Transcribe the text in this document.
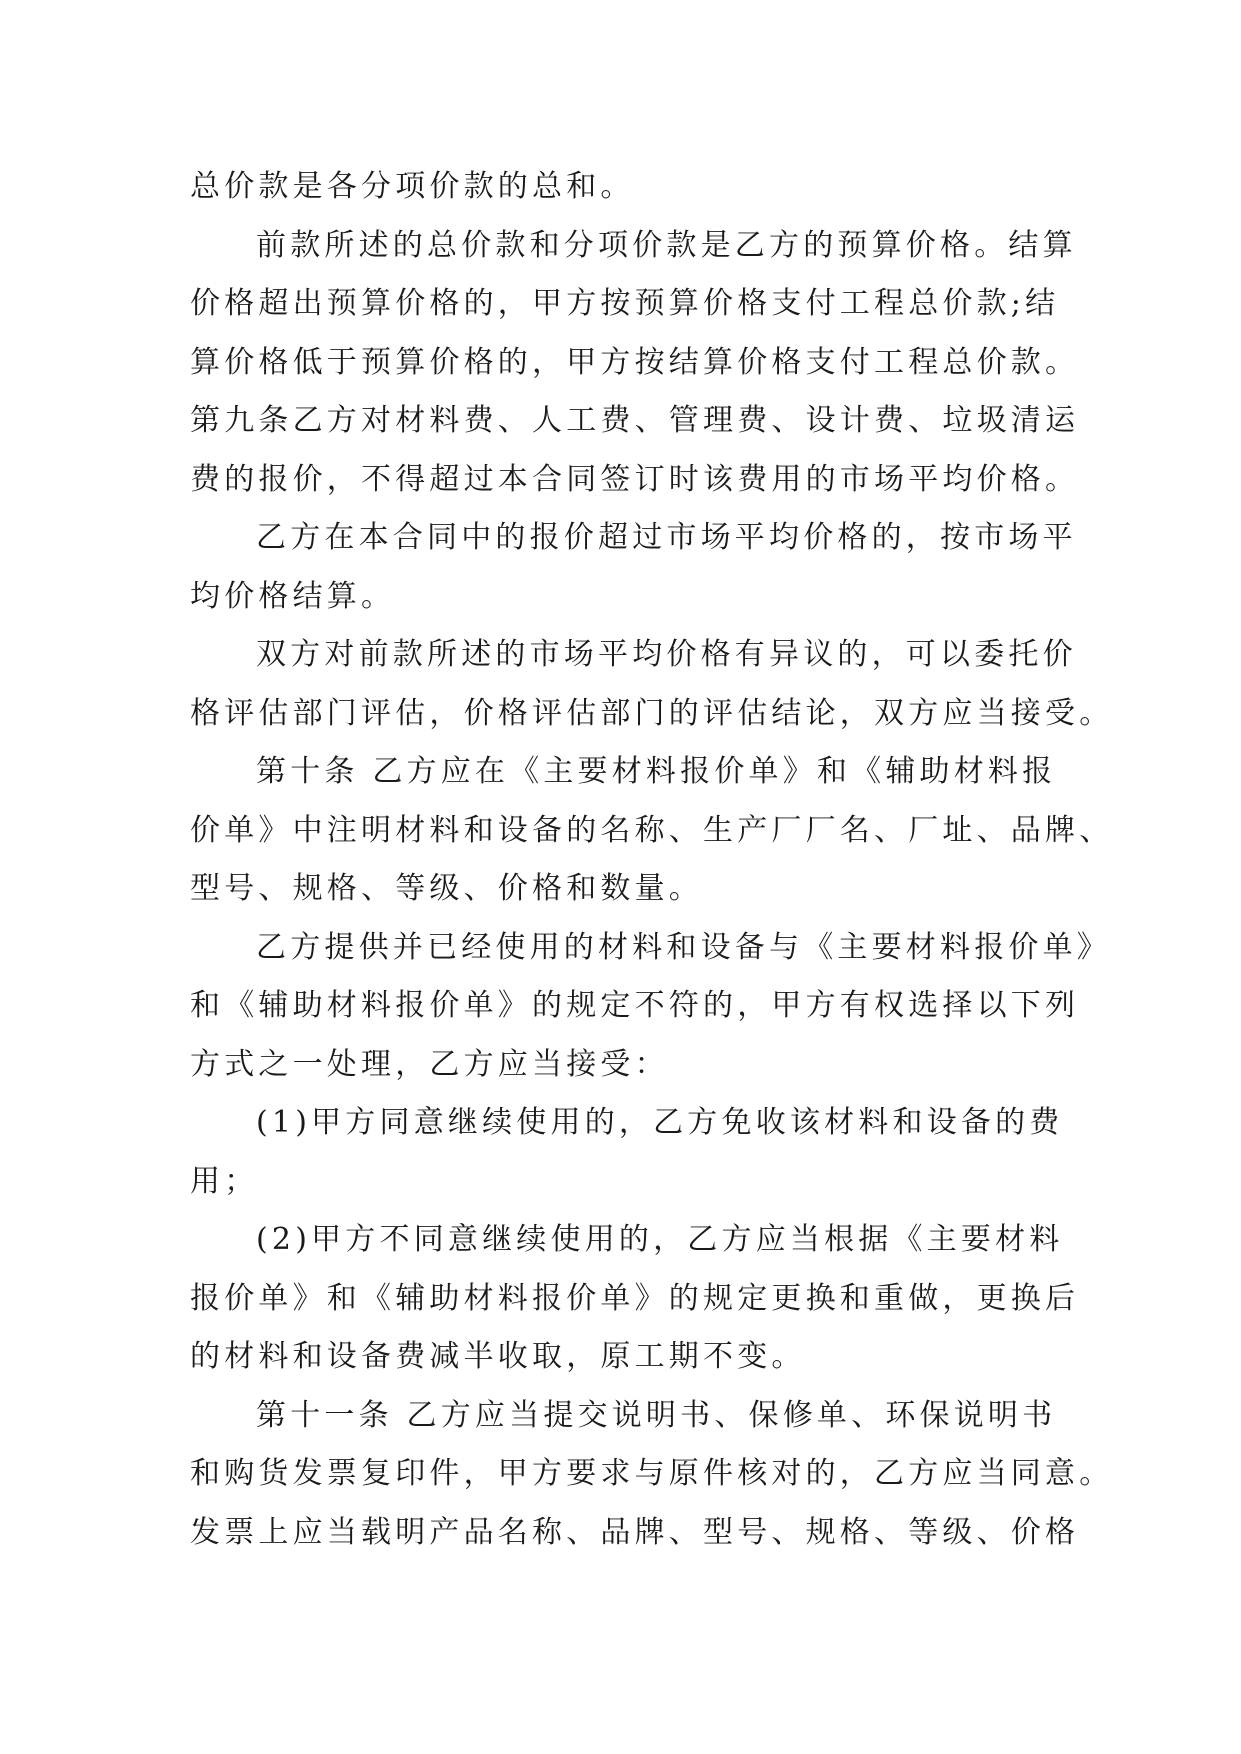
总价款是各分项价款的总和。
前款所述的总价款和分项价款是乙方的预算价格。结算
价格超出预算价格的，甲方按预算价格支付工程总价款;结
算价格低于预算价格的，甲方按结算价格支付工程总价款。
第九条乙方对材料费、人工费、管理费、设计费、垃圾清运
费的报价，不得超过本合同签订时该费用的市场平均价格。
乙方在本合同中的报价超过市场平均价格的，按市场平
均价格结算。
双方对前款所述的市场平均价格有异议的，可以委托价
格评估部门评估，价格评估部门的评估结论，双方应当接受。
第十条 乙方应在《主要材料报价单》和《辅助材料报
价单》中注明材料和设备的名称、生产厂厂名、厂址、品牌、
型号、规格、等级、价格和数量。
乙方提供并已经使用的材料和设备与《主要材料报价单》
和《辅助材料报价单》的规定不符的，甲方有权选择以下列
方式之一处理，乙方应当接受：
(1)甲方同意继续使用的，乙方免收该材料和设备的费
用；
(2)甲方不同意继续使用的，乙方应当根据《主要材料
报价单》和《辅助材料报价单》的规定更换和重做，更换后
的材料和设备费减半收取，原工期不变。
第十一条 乙方应当提交说明书、保修单、环保说明书
和购货发票复印件，甲方要求与原件核对的，乙方应当同意。
发票上应当载明产品名称、品牌、型号、规格、等级、价格
